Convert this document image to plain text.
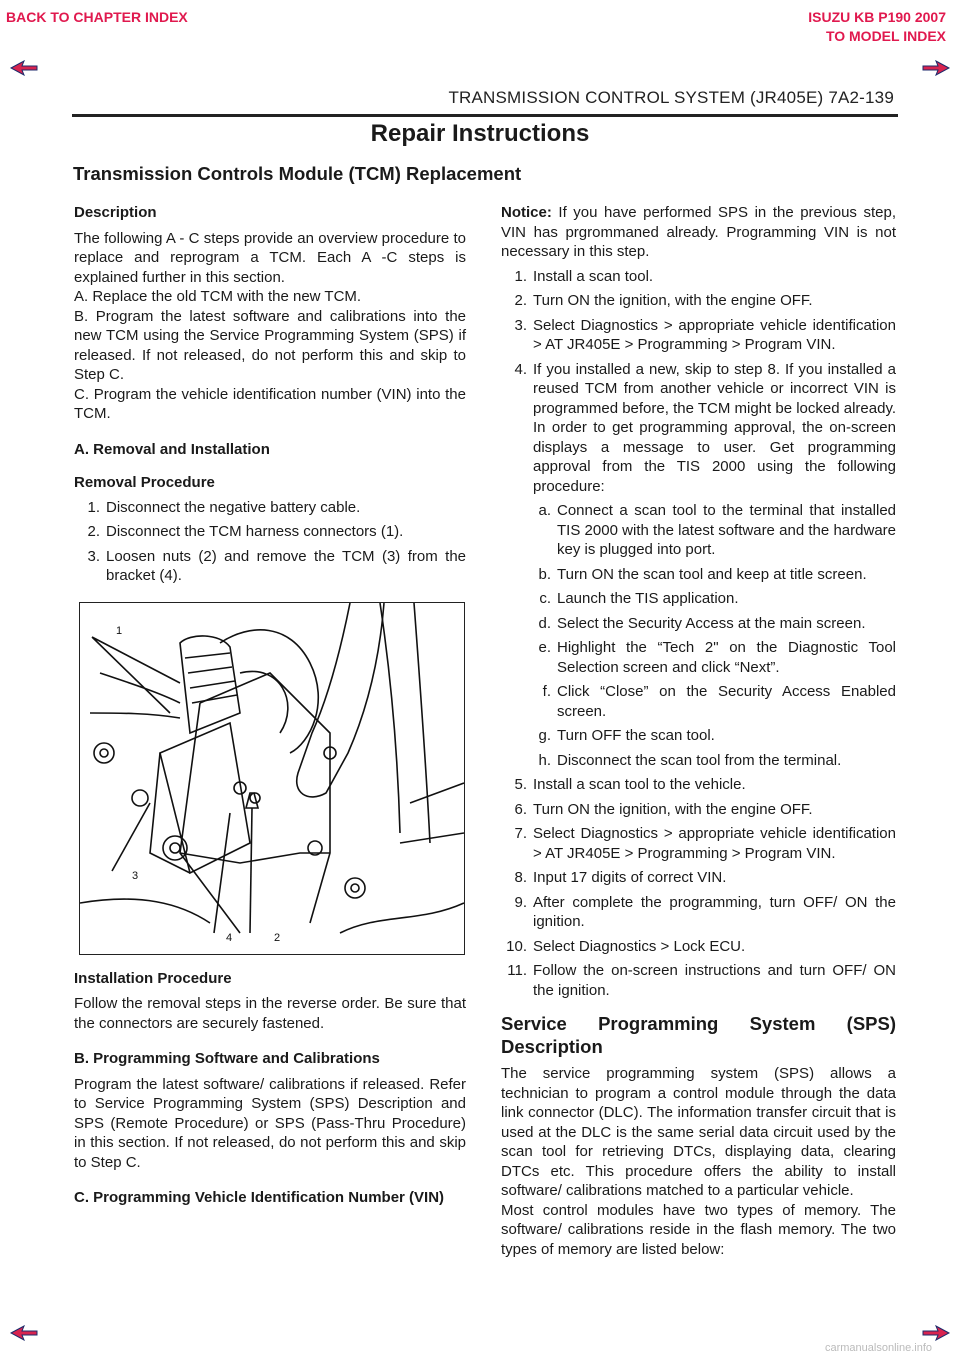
BACK TO CHAPTER INDEX	ISUZU KB P190 2007
TO MODEL INDEX
TRANSMISSION CONTROL SYSTEM (JR405E) 7A2-139
Repair Instructions
Transmission Controls Module (TCM) Replacement

Description

The following A - C steps provide an overview procedure to replace and reprogram a TCM. Each A -C steps is explained further in this section.

A. Replace the old TCM with the new TCM.

B. Program the latest software and calibrations into the new TCM using the Service Programming System (SPS) if released. If not released, do not perform this and skip to Step C.

C. Program the vehicle identification number (VIN) into the TCM.

A. Removal and Installation

Removal Procedure

1. Disconnect the negative battery cable.
2. Disconnect the TCM harness connectors (1).
3. Loosen nuts (2) and remove the TCM (3) from the bracket (4).
1
3
4	2

Installation Procedure

Follow the removal steps in the reverse order. Be sure that the connectors are securely fastened.

B. Programming Software and Calibrations

Program the latest software/ calibrations if released. Refer to Service Programming System (SPS) Description and SPS (Remote Procedure) or SPS (Pass-Thru Procedure) in this section. If not released, do not perform this and skip to Step C.

C. Programming Vehicle Identification Number (VIN)

Notice: If you have performed SPS in the previous step, VIN has prgrommaned already. Programming VIN is not necessary in this step.

1. Install a scan tool.
2. Turn ON the ignition, with the engine OFF.
3. Select Diagnostics > appropriate vehicle identification > AT JR405E > Programming > Program VIN.
4. If you installed a new, skip to step 8. If you installed a reused TCM from another vehicle or incorrect VIN is programmed before, the TCM might be locked already. In order to get programming approval, the on-screen displays a message to user. Get programming approval from the TIS 2000 using the following procedure:
a. Connect a scan tool to the terminal that installed TIS 2000 with the latest software and the hardware key is plugged into port.
b. Turn ON the scan tool and keep at title screen.
c. Launch the TIS application.
d. Select the Security Access at the main screen.
e. Highlight the “Tech 2" on the Diagnostic Tool Selection screen and click “Next”.
f. Click “Close” on the Security Access Enabled screen.
g. Turn OFF the scan tool.
h. Disconnect the scan tool from the terminal.
5. Install a scan tool to the vehicle.
6. Turn ON the ignition, with the engine OFF.
7. Select Diagnostics > appropriate vehicle identification > AT JR405E > Programming > Program VIN.
8. Input 17 digits of correct VIN.
9. After complete the programming, turn OFF/ ON the ignition.
10. Select Diagnostics > Lock ECU.
11. Follow the on-screen instructions and turn OFF/ ON the ignition.
Service Programming System (SPS)
Description

The service programming system (SPS) allows a technician to program a control module through the data link connector (DLC). The information transfer circuit that is used at the DLC is the same serial data circuit used by the scan tool for retrieving DTCs, displaying data, clearing DTCs etc. This procedure offers the ability to install software/ calibrations matched to a particular vehicle.

Most control modules have two types of memory. The software/ calibrations reside in the flash memory. The two types of memory are listed below:

carmanualsonline.info
